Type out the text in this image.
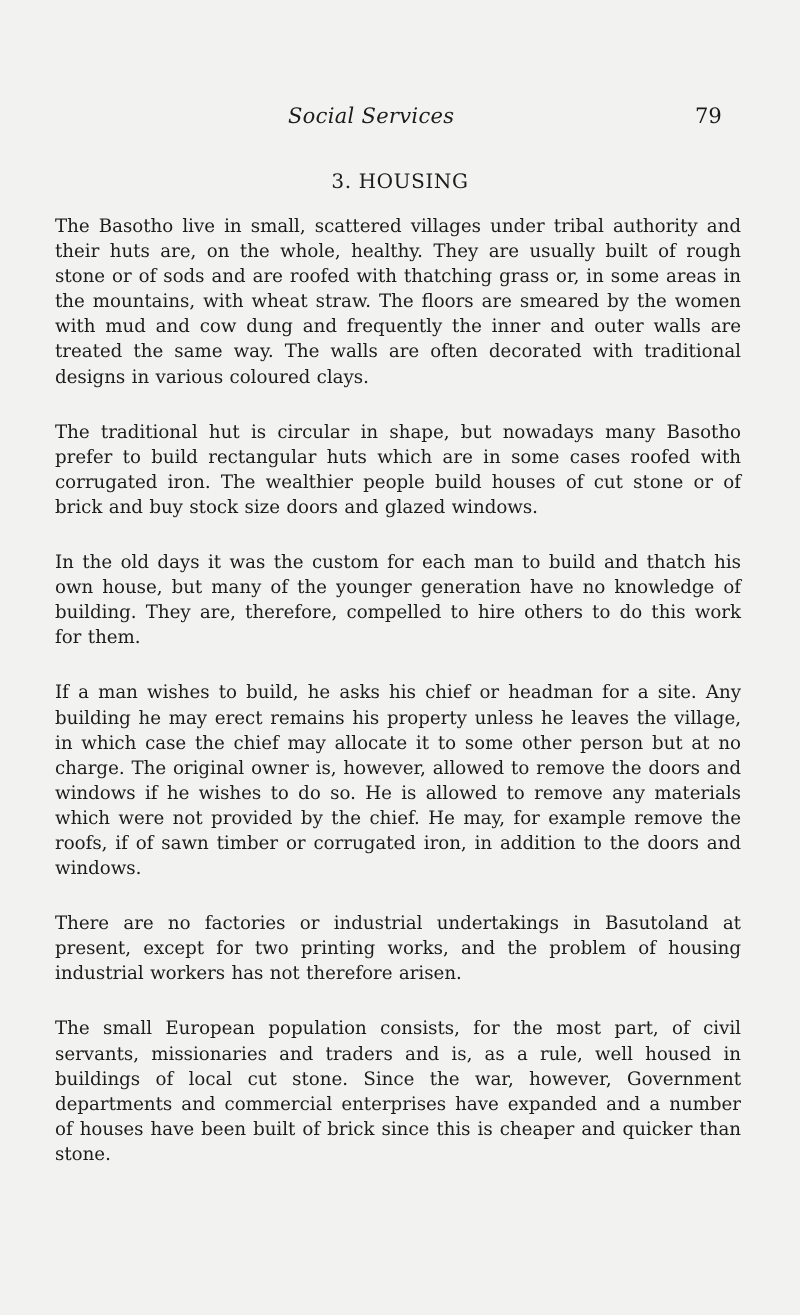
Social Services	79
3. HOUSING

The Basotho live in small, scattered villages under tribal authority and their huts are, on the whole, healthy. They are usually built of rough stone or of sods and are roofed with thatching grass or, in some areas in the mountains, with wheat straw. The floors are smeared by the women with mud and cow dung and frequently the inner and outer walls are treated the same way. The walls are often decorated with traditional designs in various coloured clays.

The traditional hut is circular in shape, but nowadays many Basotho prefer to build rectangular huts which are in some cases roofed with corrugated iron. The wealthier people build houses of cut stone or of brick and buy stock size doors and glazed windows.

In the old days it was the custom for each man to build and thatch his own house, but many of the younger generation have no knowledge of building. They are, therefore, compelled to hire others to do this work for them.

If a man wishes to build, he asks his chief or headman for a site. Any building he may erect remains his property unless he leaves the village, in which case the chief may allocate it to some other person but at no charge. The original owner is, however, allowed to remove the doors and windows if he wishes to do so. He is allowed to remove any materials which were not provided by the chief. He may, for example remove the roofs, if of sawn timber or corrugated iron, in addition to the doors and windows.

There are no factories or industrial undertakings in Basutoland at present, except for two printing works, and the problem of housing industrial workers has not therefore arisen.

The small European population consists, for the most part, of civil servants, missionaries and traders and is, as a rule, well housed in buildings of local cut stone. Since the war, however, Government departments and commercial enterprises have expanded and a number of houses have been built of brick since this is cheaper and quicker than stone.
